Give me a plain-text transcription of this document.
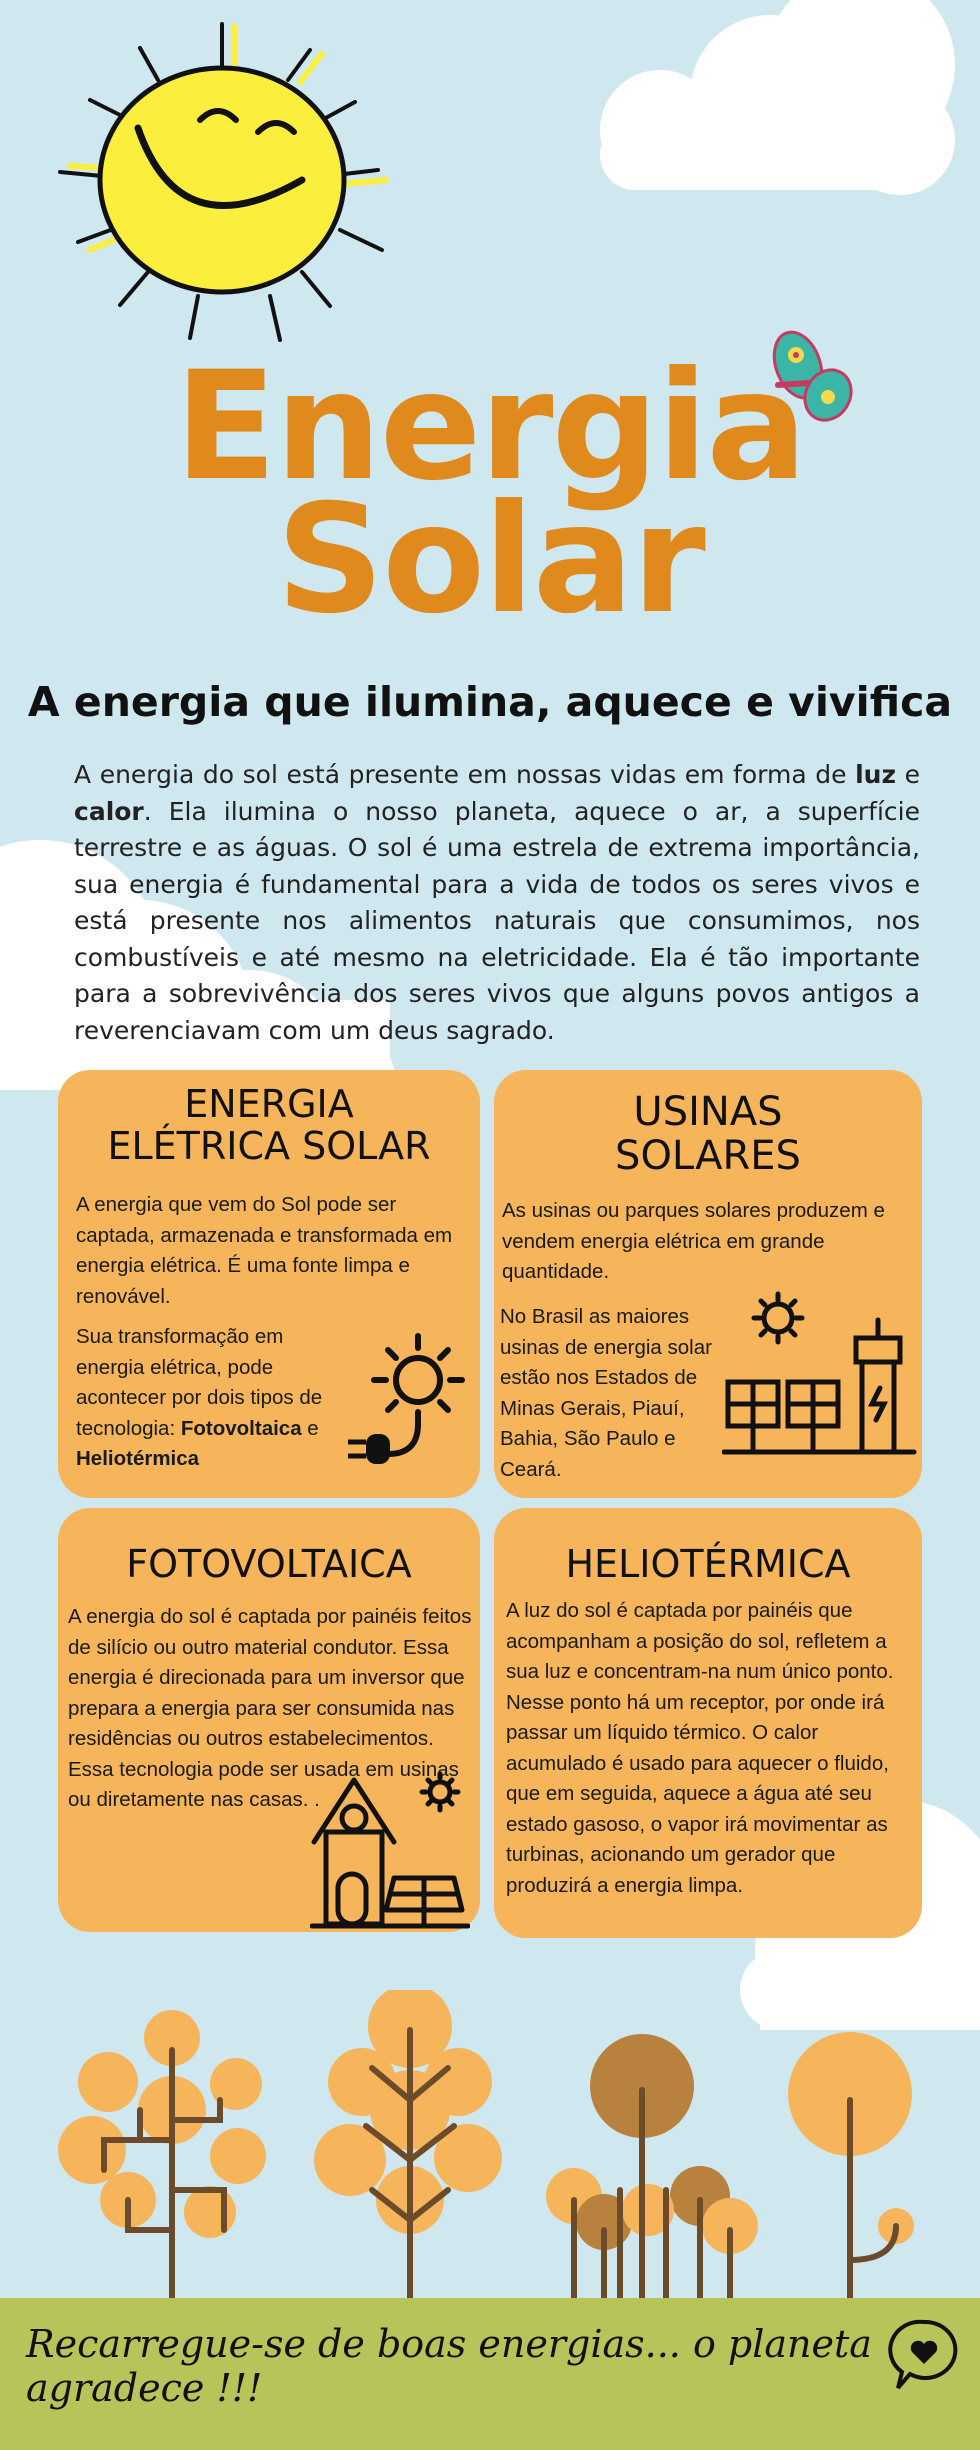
Energia
Solar
A energia que ilumina, aquece e vivifica
A energia do sol está presente em nossas vidas em forma de luz e calor. Ela ilumina o nosso planeta, aquece o ar, a superfície terrestre e as águas. O sol é uma estrela de extrema importância, sua energia é fundamental para a vida de todos os seres vivos e está presente nos alimentos naturais que consumimos, nos combustíveis e até mesmo na eletricidade. Ela é tão importante para a sobrevivência dos seres vivos que alguns povos antigos a reverenciavam com um deus sagrado.
ENERGIA
ELÉTRICA SOLAR

A energia que vem do Sol pode ser captada, armazenada e transformada em energia elétrica. É uma fonte limpa e renovável.

Sua transformação em energia elétrica, pode acontecer por dois tipos de tecnologia: Fotovoltaica e Heliotérmica

USINAS
SOLARES

As usinas ou parques solares produzem e vendem energia elétrica em grande quantidade.

No Brasil as maiores usinas de energia solar estão nos Estados de Minas Gerais, Piauí, Bahia, São Paulo e Ceará.

FOTOVOLTAICA

A energia do sol é captada por painéis feitos de silício ou outro material condutor. Essa energia é direcionada para um inversor que prepara a energia para ser consumida nas residências ou outros estabelecimentos. Essa tecnologia pode ser usada em usinas ou diretamente nas casas. .

HELIOTÉRMICA

A luz do sol é captada por painéis que acompanham a posição do sol, refletem a sua luz e concentram-na num único ponto. Nesse ponto há um receptor, por onde irá passar um líquido térmico. O calor acumulado é usado para aquecer o fluido, que em seguida, aquece a água até seu estado gasoso, o vapor irá movimentar as turbinas, acionando um gerador que produzirá a energia limpa.

Recarregue-se de boas energias... o planeta agradece !!!
